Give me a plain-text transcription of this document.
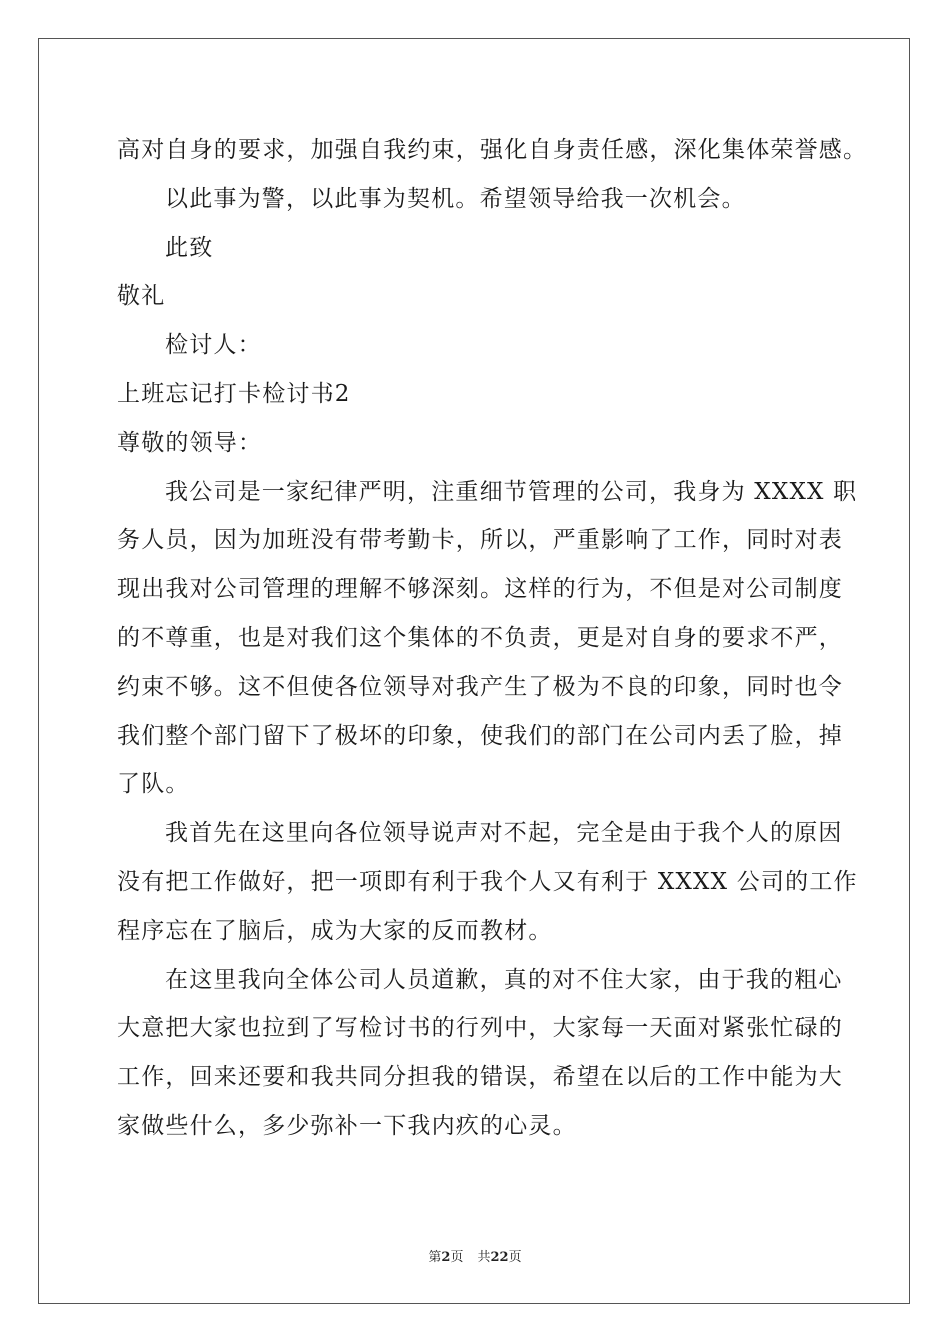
高对自身的要求，加强自我约束，强化自身责任感，深化集体荣誉感。
以此事为警，以此事为契机。希望领导给我一次机会。
此致
敬礼
检讨人：
上班忘记打卡检讨书2
尊敬的领导：
我公司是一家纪律严明，注重细节管理的公司，我身为 XXXX 职
务人员，因为加班没有带考勤卡，所以，严重影响了工作，同时对表
现出我对公司管理的理解不够深刻。这样的行为，不但是对公司制度
的不尊重，也是对我们这个集体的不负责，更是对自身的要求不严，
约束不够。这不但使各位领导对我产生了极为不良的印象，同时也令
我们整个部门留下了极坏的印象，使我们的部门在公司内丢了脸，掉
了队。
我首先在这里向各位领导说声对不起，完全是由于我个人的原因
没有把工作做好，把一项即有利于我个人又有利于 XXXX 公司的工作
程序忘在了脑后，成为大家的反而教材。
在这里我向全体公司人员道歉，真的对不住大家，由于我的粗心
大意把大家也拉到了写检讨书的行列中，大家每一天面对紧张忙碌的
工作，回来还要和我共同分担我的错误，希望在以后的工作中能为大
家做些什么，多少弥补一下我内疚的心灵。
第2页 共22页
